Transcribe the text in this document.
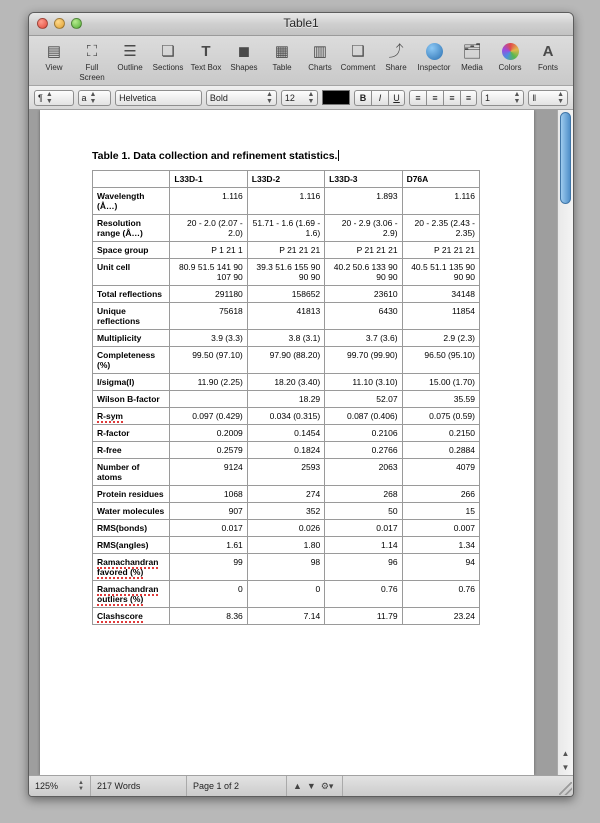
Table1
▤
View
⛶
Full Screen
☰
Outline
❏
Sections
T
Text Box
◼
Shapes
▦
Table
▥
Charts
❑
Comment
⤴
Share	Inspector
🗂
Media	Colors
A
Fonts
¶ ▲
▼	a ▲
▼	Helvetica	Bold	▲
▼ 12 ▲
▼	B	I	U	≡	≡	≡	≡	1	▲
▼ ‖	▲
▼
Table 1. Data collection and refinement statistics.
	L33D-1	L33D-2	L33D-3	D76A
Wavelength (Å…)	1.116	1.116	1.893	1.116
Resolution range (Å…)	20 - 2.0 (2.07 - 2.0)	51.71 - 1.6 (1.69 - 1.6)	20 - 2.9 (3.06 - 2.9)	20 - 2.35 (2.43 - 2.35)
Space group	P 1 21 1	P 21 21 21	P 21 21 21	P 21 21 21
Unit cell	80.9 51.5 141 90 107 90	39.3 51.6 155 90 90 90	40.2 50.6 133 90 90 90	40.5 51.1 135 90 90 90
Total reflections	291180	158652	23610	34148
Unique reflections	75618	41813	6430	11854
Multiplicity	3.9 (3.3)	3.8 (3.1)	3.7 (3.6)	2.9 (2.3)
Completeness (%)	99.50 (97.10)	97.90 (88.20)	99.70 (99.90)	96.50 (95.10)
I/sigma(I)	11.90 (2.25)	18.20 (3.40)	11.10 (3.10)	15.00 (1.70)
Wilson B-factor		18.29	52.07	35.59
R-sym	0.097 (0.429)	0.034 (0.315)	0.087 (0.406)	0.075 (0.59)
R-factor	0.2009	0.1454	0.2106	0.2150
R-free	0.2579	0.1824	0.2766	0.2884
Number of atoms	9124	2593	2063	4079
Protein residues	1068	274	268	266
Water molecules	907	352	50	15
RMS(bonds)	0.017	0.026	0.017	0.007
RMS(angles)	1.61	1.80	1.14	1.34
Ramachandran favored (%)	99	98	96	94
Ramachandran outliers (%)	0	0	0.76	0.76
Clashscore	8.36	7.14	11.79	23.24
▲
▼
125%	▲
▼	217 Words	Page 1 of 2	▲ ▼ ⚙▾
